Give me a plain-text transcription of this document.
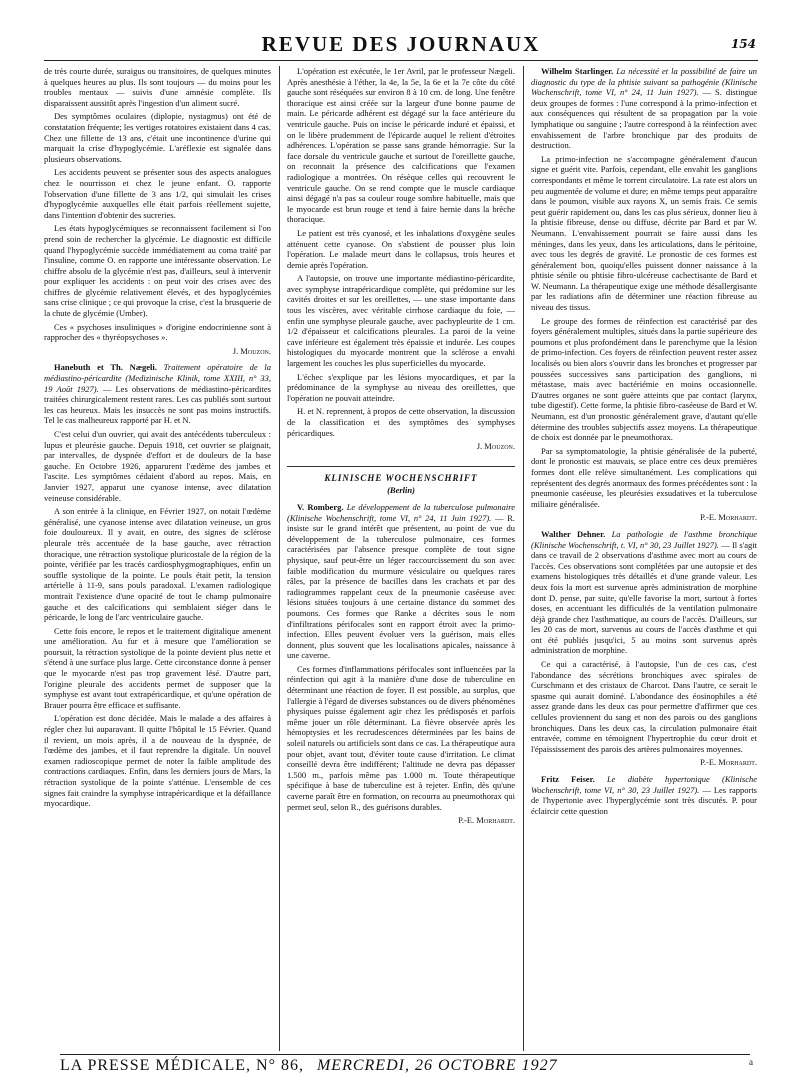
REVUE DES JOURNAUX	154

de très courte durée, suraigus ou transitoires, de quelques minutes à quelques heures au plus. Ils sont toujours — du moins pour les troubles mentaux — suivis d'une amnésie complète. Ils disparaissent aussitôt après l'ingestion d'un aliment sucré.

Des symptômes oculaires (diplopie, nystagmus) ont été de constatation fréquente; les vertiges rotatoires existaient dans 4 cas. Chez une fillette de 13 ans, c'était une incontinence d'urine qui marquait la crise d'hypoglycémie. L'aréflexie est signalée dans plusieurs observations.

Les accidents peuvent se présenter sous des aspects analogues chez le nourrisson et chez le jeune enfant. O. rapporte l'observation d'une fillette de 3 ans 1/2, qui simulait les crises d'hypoglycémie auxquelles elle était parfois réellement sujette, dans l'intention d'obtenir des sucreries.

Les états hypoglycémiques se reconnaissent facilement si l'on prend soin de rechercher la glycémie. Le diagnostic est difficile quand l'hypoglycémie succède immédiatement au coma traité par l'insuline, comme O. en rapporte une intéressante observation. Le chiffre absolu de la glycémie n'est pas, d'ailleurs, seul à intervenir pour expliquer les accidents : on peut voir des crises avec des chiffres de glycémie relativement élevés, et des hypoglycémies sans crise clinique ; ce qui provoque la crise, c'est la brusquerie de la chute de glycémie (Umber).

Ces « psychoses insuliniques » d'origine endocrinienne sont à rapprocher des « thyréopsychoses ».

J. Mouzon.

Hanebuth et Th. Nægeli. Traitement opératoire de la médiastino-péricardite (Medizinische Klinik, tome XXIII, n° 33, 19 Août 1927). — Les observations de médiastino-péricardites traitées chirurgicalement restent rares. Les cas publiés sont surtout les cas heureux. Mais les insuccès ne sont pas moins instructifs. Tel le cas malheureux rapporté par H. et N.

C'est celui d'un ouvrier, qui avait des antécédents tuberculeux : lupus et pleurésie gauche. Depuis 1918, cet ouvrier se plaignait, par intervalles, de dyspnée d'effort et de douleurs de la base gauche. En Octobre 1926, apparurent l'œdème des jambes et l'ascite. Les symptômes cédaient d'abord au repos. Mais, en Janvier 1927, apparut une cyanose intense, avec dilatation veineuse considérable.

A son entrée à la clinique, en Février 1927, on notait l'œdème généralisé, une cyanose intense avec dilatation veineuse, un gros foie douloureux. Il y avait, en outre, des signes de sclérose pleurale très accentuée de la base gauche, avec rétraction thoracique, une rétraction systolique pluricostale de la région de la pointe, vérifiée par les tracés cardiosphygmographiques, enfin un souffle systolique de la pointe. Le pouls était petit, la tension artérielle à 11-9, sans pouls paradoxal. L'examen radiologique montrait l'existence d'une opacité de tout le champ pulmonaire gauche et des calcifications qui semblaient siéger dans le péricarde, le long de l'arc ventriculaire gauche.

Cette fois encore, le repos et le traitement digitalique amenent une amélioration. Au fur et à mesure que l'amélioration se poursuit, la rétraction systolique de la pointe devient plus nette et s'étend à une surface plus large. Cette circonstance donne à penser que le myocarde n'est pas trop gravement lésé. D'autre part, l'origine pleurale des accidents permet de supposer que la symphyse est avant tout extrapéricardique, et qu'une opération de Brauer pourra être efficace et suffisante.

L'opération est donc décidée. Mais le malade a des affaires à régler chez lui auparavant. Il quitte l'hôpital le 15 Février. Quand il revient, un mois après, il a de nouveau de la dyspnée, de l'œdème des jambes, et il faut reprendre la digitale. Un nouvel examen radioscopique permet de noter la faible amplitude des contractions cardiaques. Enfin, dans les derniers jours de Mars, la rétraction systolique de la pointe s'atténue. L'ensemble de ces signes fait craindre la symphyse intrapéricardique et la défaillance myocardique.

L'opération est exécutée, le 1er Avril, par le professeur Nægeli. Après anesthésie à l'éther, la 4e, la 5e, la 6e et la 7e côte du côté gauche sont réséquées sur environ 8 à 10 cm. de long. Une fenêtre thoracique est ainsi créée sur la largeur d'une bonne paume de main. Le péricarde adhérent est dégagé sur la face antérieure du ventricule gauche. Puis on incise le péricarde induré et épaissi, et on le libère prudemment de l'épicarde auquel le relient d'étroites adhérences. L'opération se passe sans grande hémorragie. Sur la face dorsale du ventricule gauche et surtout de l'oreillette gauche, on reconnait la présence des calcifications que l'examen radiologique a montrées. On résèque celles qui recouvrent le ventricule gauche. On se rend compte que le muscle cardiaque ainsi dégagé n'a pas sa couleur rouge sombre habituelle, mais que le myocarde est brun rouge et tend à faire hernie dans la brèche thoracique.

Le patient est très cyanosé, et les inhalations d'oxygène seules atténuent cette cyanose. On s'abstient de pousser plus loin l'opération. Le malade meurt dans le collapsus, trois heures et demie après l'opération.

A l'autopsie, on trouve une importante médiastino-péricardite, avec symphyse intrapéricardique complète, qui prédomine sur les cavités droites et sur les oreillettes, — une stase importante dans tous les viscères, avec véritable cirrhose cardiaque du foie, — enfin une symphyse pleurale gauche, avec pachypleurite de 1 cm. 1/2 d'épaisseur et calcifications pleurales. La paroi de la veine cave inférieure est également très épaissie et indurée. Les coupes histologiques du myocarde montrent que la sclérose a envahi largement les couches les plus superficielles du myocarde.

L'échec s'explique par les lésions myocardiques, et par la prédominance de la symphyse au niveau des oreillettes, que l'opération ne pouvait atteindre.

H. et N. reprennent, à propos de cette observation, la discussion de la classification et des symptômes des symphyses péricardiques.

J. Mouzon.
KLINISCHE WOCHENSCHRIFT
(Berlin)

V. Romberg. Le développement de la tuberculose pulmonaire (Klinische Wochenschrift, tome VI, n° 24, 11 Juin 1927). — R. insiste sur le grand intérêt que présentent, au point de vue du développement de la tuberculose pulmonaire, ces formes caractérisées par l'absence presque complète de tout signe physique, sauf peut-être un léger raccourcissement du son avec faible modification du murmure vésiculaire ou quelques rares râles, par la présence de bacilles dans les crachats et par des radiogrammes rappelant ceux de la pneumonie caséeuse avec lésions situées toujours à une certaine distance du sommet des poumons. Ces formes que Ranke a décrites sous le nom d'infiltrations périfocales sont en rapport étroit avec la primo-infection. Elles peuvent évoluer vers la guérison, mais elles donnent, plus souvent que les localisations apicales, naissance à une caverne.

Ces formes d'inflammations périfocales sont influencées par la réinfection qui agit à la manière d'une dose de tuberculine en déterminant une réaction de foyer. Il est possible, au surplus, que l'allergie à l'égard de diverses substances ou de divers phénomènes physiques puisse également agir chez les prédisposés et parfois même jouer un rôle déterminant. La fièvre observée après les hémoptysies et les recrudescences déterminées par les bains de soleil naturels ou artificiels sont dans ce cas. La thérapeutique aura pour objet, avant tout, d'éviter toute cause d'irritation. Le climat conseillé devra être indifférent; l'altitude ne devra pas dépasser 1.500 m., parfois même pas 1.000 m. Toute thérapeutique spécifique à base de tuberculine est à rejeter. Enfin, dès qu'une caverne paraît être en formation, on recourra au pneumothorax qui permet seul, selon R., des guérisons durables.

P.-E. Morhardt.

Wilhelm Starlinger. La nécessité et la possibilité de faire un diagnostic du type de la phtisie suivant sa pathogénie (Klinische Wochenschrift, tome VI, n° 24, 11 Juin 1927). — S. distingue deux groupes de formes : l'une correspond à la primo-infection et aux conséquences qui résultent de sa propagation par la voie lymphatique ou sanguine ; l'autre correspond à la réinfection avec envahissement de l'arbre bronchique par des produits de destruction.

La primo-infection ne s'accompagne généralement d'aucun signe et guérit vite. Parfois, cependant, elle envahit les ganglions correspondants et même le torrent circulatoire. La rate est alors un peu augmentée de volume et dure; en même temps peut apparaître dans le poumon, visible aux rayons X, un semis frais. Ce semis peut guérir rapidement ou, dans les cas plus sérieux, donner lieu à la phtisie fibreuse, dense ou diffuse, décrite par Bard et par W. Neumann. L'envahissement pourrait se faire aussi dans les méninges, dans les yeux, dans les articulations, dans le péritoine, avec tous les degrés de gravité. Le pronostic de ces formes est généralement bon, quoiqu'elles puissent donner naissance à la phtisie sénile ou phtisie fibro-ulcéreuse cachectisante de Bard et W. Neumann. La thérapeutique exige une méthode désallergisante par les radiations afin de déterminer une réaction fibreuse au niveau des tissus.

Le groupe des formes de réinfection est caractérisé par des foyers généralement multiples, situés dans la partie supérieure des poumons et plus profondément dans le parenchyme que la lésion de primo-infection. Ces foyers de réinfection peuvent rester assez localisés ou bien alors s'ouvrir dans les bronches et progresser par poussées successives sans participation des ganglions, ni métastase, mais avec bactériémie en moins occasionnelle. D'autres organes ne sont guère atteints que par contact (larynx, tube digestif). Cette forme, la phtisie fibro-caséeuse de Bard et W. Neumann, est d'un pronostic généralement grave, d'autant qu'elle détermine des troubles subjectifs assez moyens. La thérapeutique de choix est donnée par le pneumothorax.

Par sa symptomatologie, la phtisie généralisée de la puberté, dont le pronostic est mauvais, se place entre ces deux premières formes dont elle relève simultanément. Les complications qui représentent des degrés anormaux des formes précédentes sont : la pneumonie caséeuse, les pleurésies exsudatives et la tuberculose miliaire généralisée.

P.-E. Morhardt.

Walther Dehner. La pathologie de l'asthme bronchique (Klinische Wochenschrift, t. VI, n° 30, 23 Juillet 1927). — Il s'agit dans ce travail de 2 observations d'asthme avec mort au cours de l'accès. Ces observations sont complétées par une autopsie et des examens histologiques très détaillés et d'une grande valeur. Les deux fois la mort est survenue après administration de morphine dont D. pense, par suite, qu'elle favorise la mort, surtout à fortes doses, en accentuant les difficultés de la ventilation pulmonaire déjà grande chez l'asthmatique, au cours de l'accès. D'ailleurs, sur les 20 cas de mort, survenus au cours de l'accès d'asthme et qui ont été publiés jusqu'ici, 5 au moins sont survenus après administration de morphine.

Ce qui a caractérisé, à l'autopsie, l'un de ces cas, c'est l'abondance des sécrétions bronchiques avec spirales de Curschmann et des cristaux de Charcot. Dans l'autre, ce serait le spasme qui aurait dominé. L'abondance des éosinophiles a été assez grande dans les deux cas pour permettre d'affirmer que ces cellules proviennent du sang et non des parois ou des ganglions bronchiques. Dans les deux cas, la circulation pulmonaire était entravée, comme en témoignent l'hypertrophie du cœur droit et l'épaississement des parois des artères pulmonaires moyennes.

P.-E. Morhardt.

Fritz Feiser. Le diabète hypertonique (Klinische Wochenschrift, tome VI, n° 30, 23 Juillet 1927). — Les rapports de l'hypertonie avec l'hyperglycémie sont très discutés. P. pour éclaircir cette question

LA PRESSE MÉDICALE, N° 86, MERCREDI, 26 OCTOBRE 1927	a
